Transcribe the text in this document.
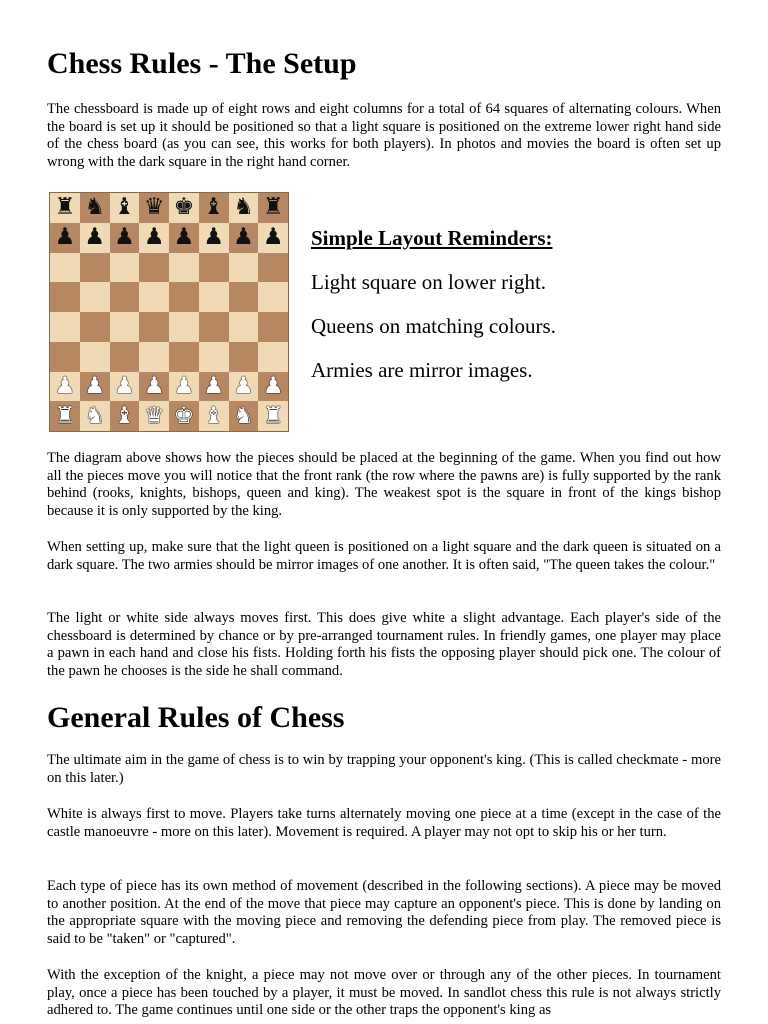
Chess Rules - The Setup

The chessboard is made up of eight rows and eight columns for a total of 64 squares of alternating colours. When the board is set up it should be positioned so that a light square is positioned on the extreme lower right hand side of the chess board (as you can see, this works for both players). In photos and movies the board is often set up wrong with the dark square in the right hand corner.

♜ ♞ ♝ ♛ ♚ ♝ ♞ ♜
♟ ♟ ♟ ♟ ♟ ♟ ♟ ♟
♟ ♟ ♟ ♟ ♟ ♟ ♟ ♟
♜ ♞ ♝ ♛ ♚ ♝ ♞ ♜
Simple Layout Reminders:
Light square on lower right.
Queens on matching colours.
Armies are mirror images.

The diagram above shows how the pieces should be placed at the beginning of the game. When you find out how all the pieces move you will notice that the front rank (the row where the pawns are) is fully supported by the rank behind (rooks, knights, bishops, queen and king). The weakest spot is the square in front of the kings bishop because it is only supported by the king.

When setting up, make sure that the light queen is positioned on a light square and the dark queen is situated on a dark square. The two armies should be mirror images of one another. It is often said, "The queen takes the colour."

The light or white side always moves first. This does give white a slight advantage. Each player's side of the chessboard is determined by chance or by pre-arranged tournament rules. In friendly games, one player may place a pawn in each hand and close his fists. Holding forth his fists the opposing player should pick one. The colour of the pawn he chooses is the side he shall command.

General Rules of Chess

The ultimate aim in the game of chess is to win by trapping your opponent's king. (This is called checkmate - more on this later.)

White is always first to move. Players take turns alternately moving one piece at a time (except in the case of the castle manoeuvre - more on this later). Movement is required. A player may not opt to skip his or her turn.

Each type of piece has its own method of movement (described in the following sections). A piece may be moved to another position. At the end of the move that piece may capture an opponent's piece. This is done by landing on the appropriate square with the moving piece and removing the defending piece from play. The removed piece is said to be "taken" or "captured".

With the exception of the knight, a piece may not move over or through any of the other pieces. In tournament play, once a piece has been touched by a player, it must be moved. In sandlot chess this rule is not always strictly adhered to. The game continues until one side or the other traps the opponent's king as
